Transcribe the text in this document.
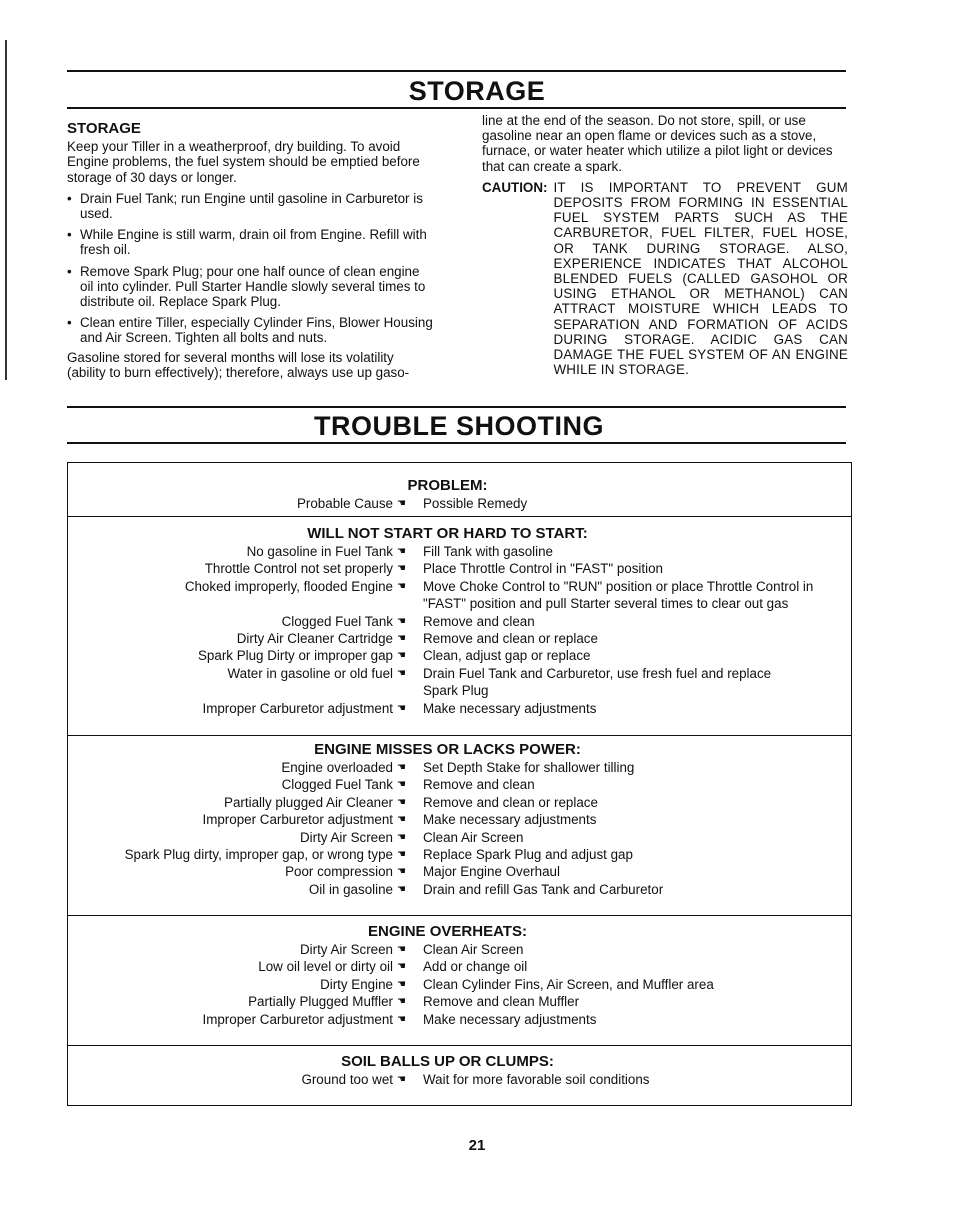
STORAGE
STORAGE

Keep your Tiller in a weatherproof, dry building. To avoid Engine problems, the fuel system should be emptied before storage of 30 days or longer.

• Drain Fuel Tank; run Engine until gasoline in Carburetor is used.
• While Engine is still warm, drain oil from Engine. Refill with fresh oil.
• Remove Spark Plug; pour one half ounce of clean engine oil into cylinder. Pull Starter Handle slowly several times to distribute oil. Replace Spark Plug.
• Clean entire Tiller, especially Cylinder Fins, Blower Housing and Air Screen. Tighten all bolts and nuts.

Gasoline stored for several months will lose its volatility (ability to burn effectively); therefore, always use up gaso-

line at the end of the season. Do not store, spill, or use gasoline near an open flame or devices such as a stove, furnace, or water heater which utilize a pilot light or devices that can create a spark.

CAUTION: IT IS IMPORTANT TO PREVENT GUM DEPOSITS FROM FORMING IN ESSENTIAL FUEL SYSTEM PARTS SUCH AS THE CARBURETOR, FUEL FILTER, FUEL HOSE, OR TANK DURING STORAGE. ALSO, EXPERIENCE INDICATES THAT ALCOHOL BLENDED FUELS (CALLED GASOHOL OR USING ETHANOL OR METHANOL) CAN ATTRACT MOISTURE WHICH LEADS TO SEPARATION AND FORMATION OF ACIDS DURING STORAGE. ACIDIC GAS CAN DAMAGE THE FUEL SYSTEM OF AN ENGINE WHILE IN STORAGE.
TROUBLE SHOOTING
PROBLEM:
Probable Cause ☚	Possible Remedy
WILL NOT START OR HARD TO START:
No gasoline in Fuel Tank ☚	Fill Tank with gasoline
Throttle Control not set properly ☚	Place Throttle Control in "FAST" position
Choked improperly, flooded Engine ☚	Move Choke Control to "RUN" position or place Throttle Control in "FAST" position and pull Starter several times to clear out gas
Clogged Fuel Tank ☚	Remove and clean
Dirty Air Cleaner Cartridge ☚	Remove and clean or replace
Spark Plug Dirty or improper gap ☚	Clean, adjust gap or replace
Water in gasoline or old fuel ☚	Drain Fuel Tank and Carburetor, use fresh fuel and replace Spark Plug
Improper Carburetor adjustment ☚	Make necessary adjustments
ENGINE MISSES OR LACKS POWER:
Engine overloaded ☚	Set Depth Stake for shallower tilling
Clogged Fuel Tank ☚	Remove and clean
Partially plugged Air Cleaner ☚	Remove and clean or replace
Improper Carburetor adjustment ☚	Make necessary adjustments
Dirty Air Screen ☚	Clean Air Screen
Spark Plug dirty, improper gap, or wrong type ☚	Replace Spark Plug and adjust gap
Poor compression ☚	Major Engine Overhaul
Oil in gasoline ☚	Drain and refill Gas Tank and Carburetor
ENGINE OVERHEATS:
Dirty Air Screen ☚	Clean Air Screen
Low oil level or dirty oil ☚	Add or change oil
Dirty Engine ☚	Clean Cylinder Fins, Air Screen, and Muffler area
Partially Plugged Muffler ☚	Remove and clean Muffler
Improper Carburetor adjustment ☚	Make necessary adjustments
SOIL BALLS UP OR CLUMPS:
Ground too wet ☚	Wait for more favorable soil conditions
21
